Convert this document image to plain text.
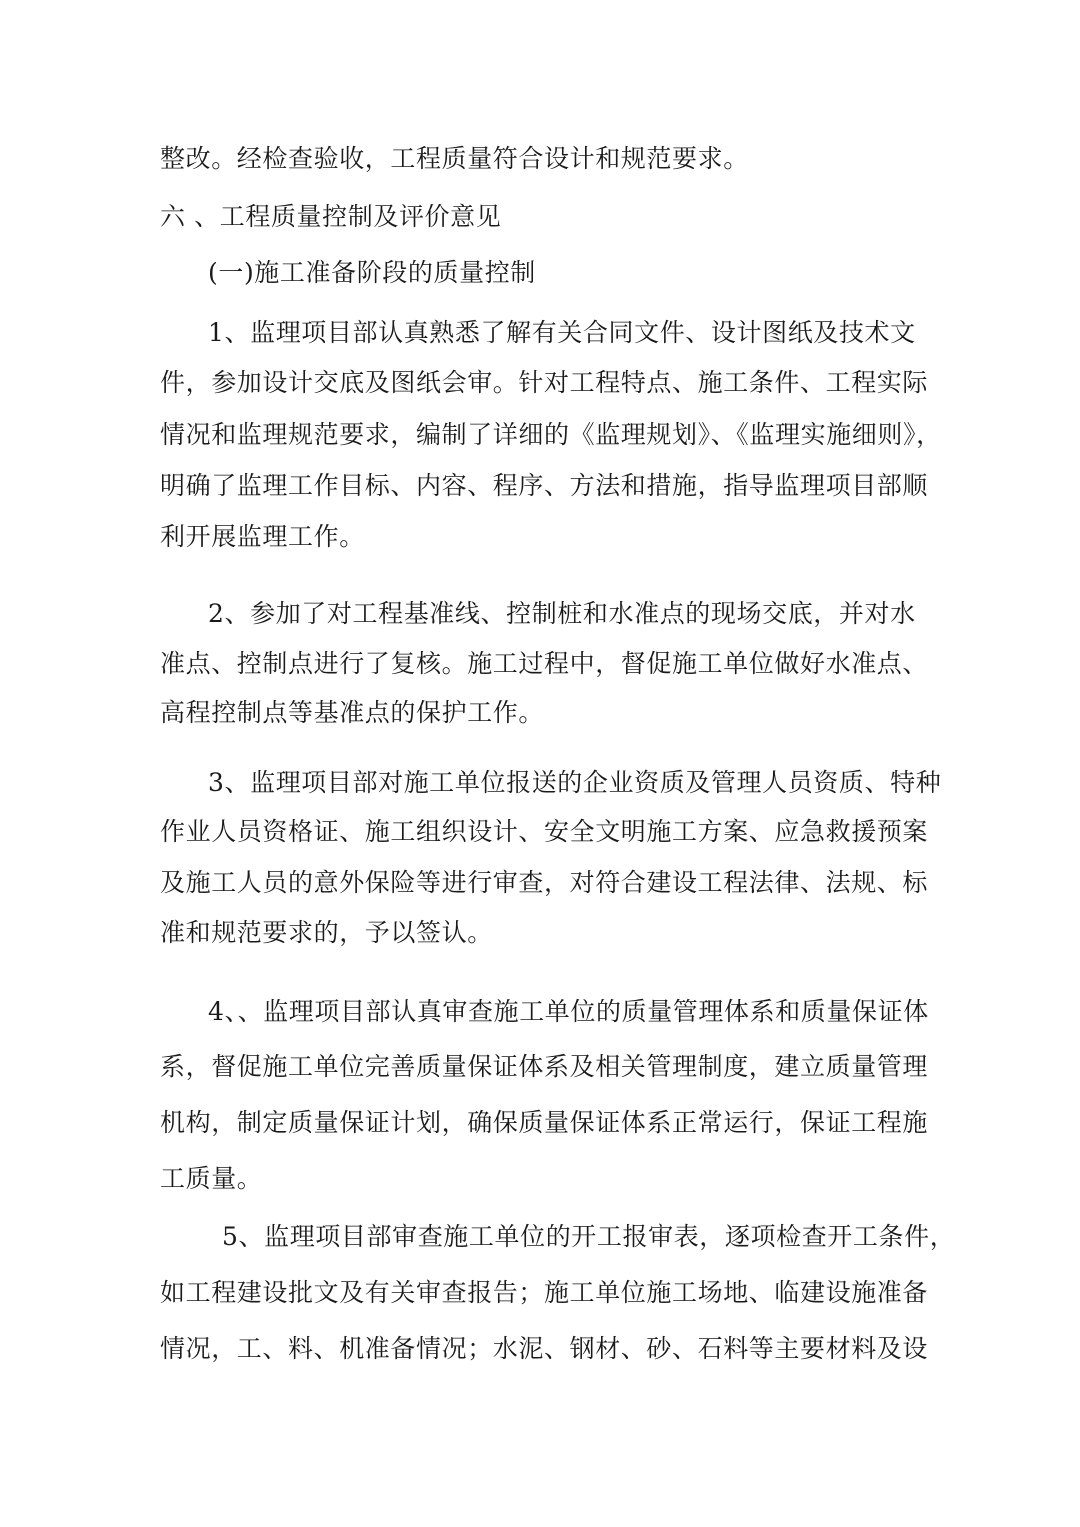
整改。经检查验收，工程质量符合设计和规范要求。
六 、工程质量控制及评价意见
(一)施工准备阶段的质量控制
1、监理项目部认真熟悉了解有关合同文件、设计图纸及技术文
件，参加设计交底及图纸会审。针对工程特点、施工条件、工程实际
情况和监理规范要求，编制了详细的《监理规划》、《监理实施细则》，
明确了监理工作目标、内容、程序、方法和措施，指导监理项目部顺
利开展监理工作。
2、参加了对工程基准线、控制桩和水准点的现场交底，并对水
准点、控制点进行了复核。施工过程中，督促施工单位做好水准点、
高程控制点等基准点的保护工作。
3、监理项目部对施工单位报送的企业资质及管理人员资质、特种
作业人员资格证、施工组织设计、安全文明施工方案、应急救援预案
及施工人员的意外保险等进行审查，对符合建设工程法律、法规、标
准和规范要求的，予以签认。
4、、监理项目部认真审查施工单位的质量管理体系和质量保证体
系，督促施工单位完善质量保证体系及相关管理制度，建立质量管理
机构，制定质量保证计划，确保质量保证体系正常运行，保证工程施
工质量。
5、监理项目部审查施工单位的开工报审表，逐项检查开工条件，
如工程建设批文及有关审查报告；施工单位施工场地、临建设施准备
情况，工、料、机准备情况；水泥、钢材、砂、石料等主要材料及设
